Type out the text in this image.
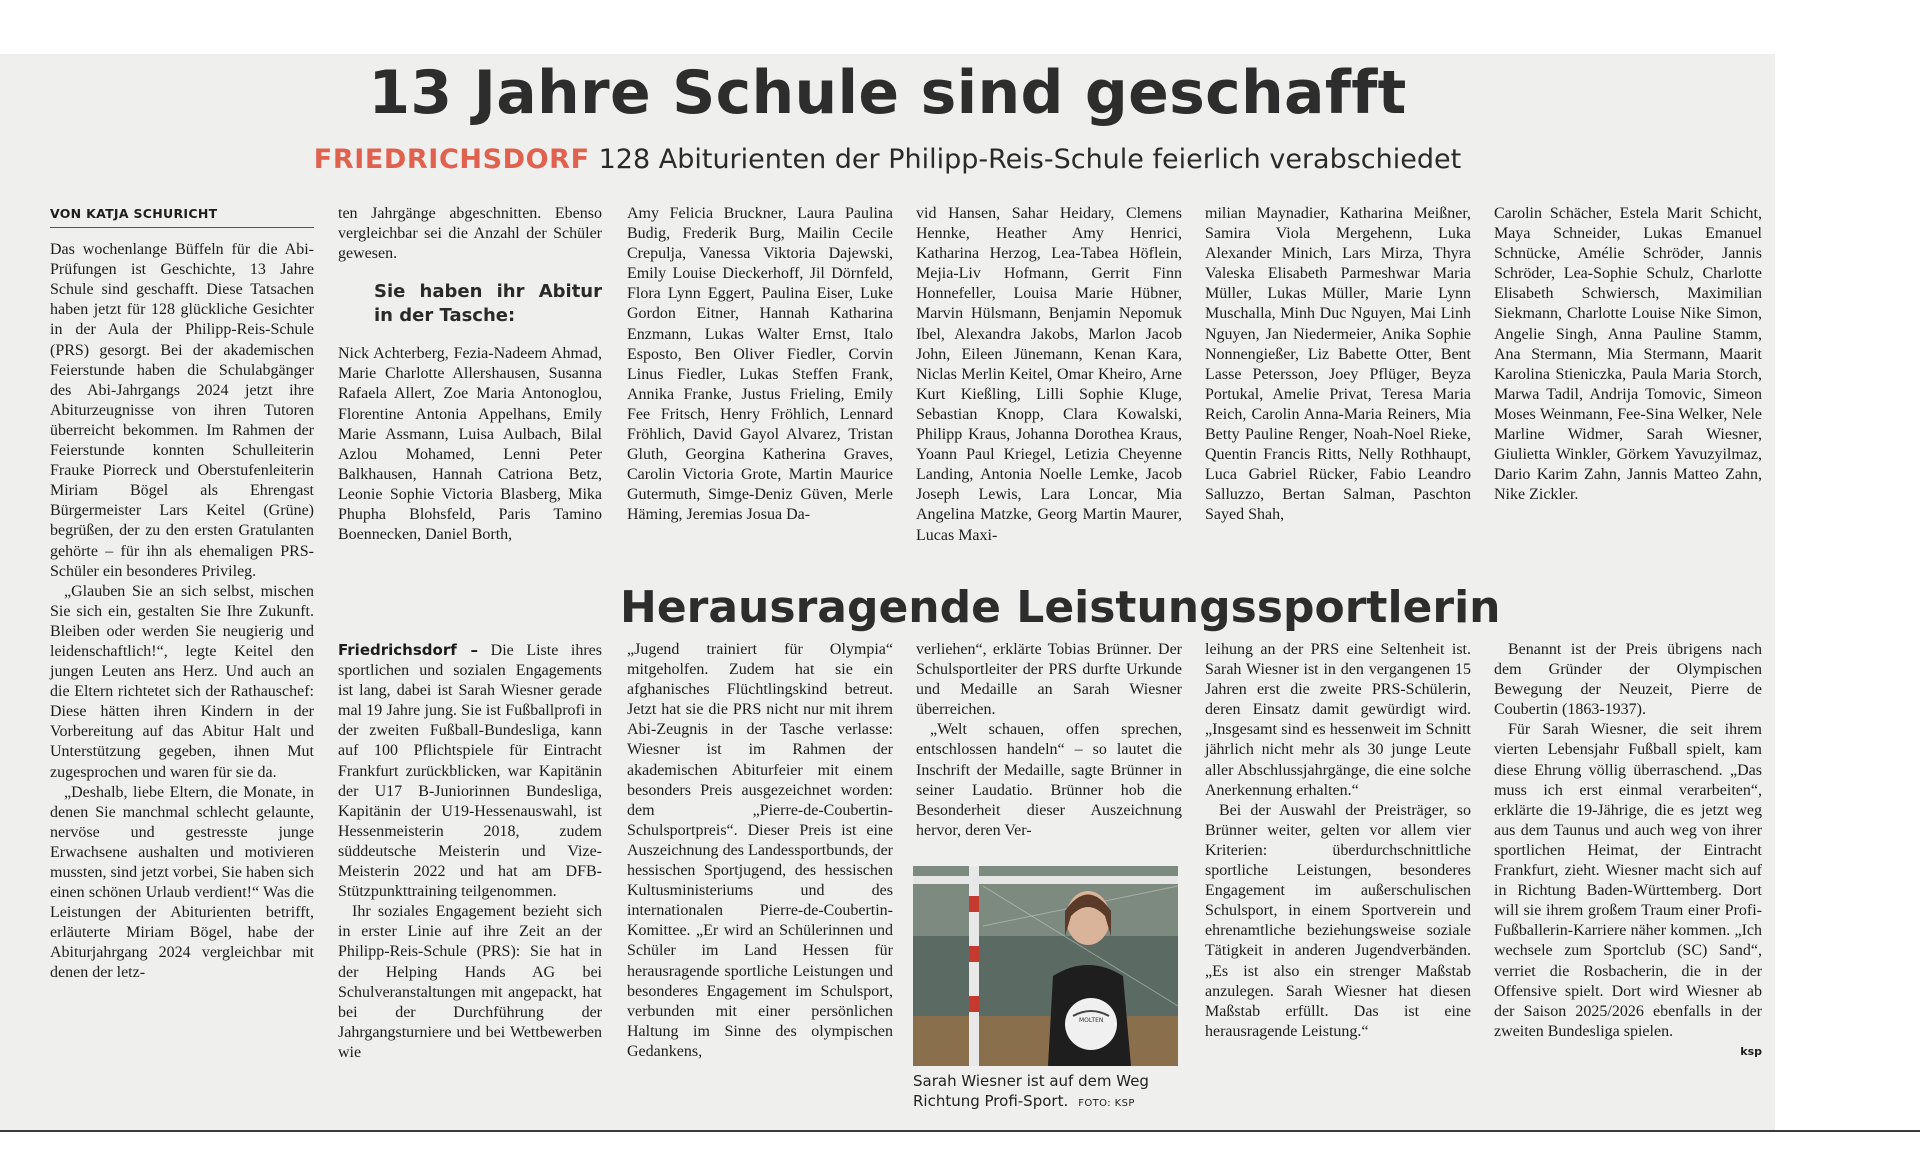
13 Jahre Schule sind geschafft
FRIEDRICHSDORF 128 Abiturienten der Philipp-Reis-Schule feierlich verabschiedet
VON KATJA SCHURICHT

Das wochenlange Büffeln für die Abi-Prüfungen ist Geschichte, 13 Jahre Schule sind geschafft. Diese Tatsachen haben jetzt für 128 glückliche Gesichter in der Aula der Philipp-Reis-Schule (PRS) gesorgt. Bei der akademischen Feierstunde haben die Schulabgänger des Abi-Jahrgangs 2024 jetzt ihre Abiturzeugnisse von ihren Tutoren überreicht bekommen. Im Rahmen der Feierstunde konnten Schulleiterin Frauke Piorreck und Oberstufenleiterin Miriam Bögel als Ehrengast Bürgermeister Lars Keitel (Grüne) begrüßen, der zu den ersten Gratulanten gehörte – für ihn als ehemaligen PRS-Schüler ein besonderes Privileg.

„Glauben Sie an sich selbst, mischen Sie sich ein, gestalten Sie Ihre Zukunft. Bleiben oder werden Sie neugierig und leidenschaftlich!“, legte Keitel den jungen Leuten ans Herz. Und auch an die Eltern richtetet sich der Rathauschef: Diese hätten ihren Kindern in der Vorbereitung auf das Abitur Halt und Unterstützung gegeben, ihnen Mut zugesprochen und waren für sie da.

„Deshalb, liebe Eltern, die Monate, in denen Sie manchmal schlecht gelaunte, nervöse und gestresste junge Erwachsene aushalten und motivieren mussten, sind jetzt vorbei, Sie haben sich einen schönen Urlaub verdient!“ Was die Leistungen der Abiturienten betrifft, erläuterte Miriam Bögel, habe der Abiturjahrgang 2024 vergleichbar mit denen der letz-

ten Jahrgänge abgeschnitten. Ebenso vergleichbar sei die Anzahl der Schüler gewesen.

Sie haben ihr Abitur in der Tasche:

Nick Achterberg, Fezia-Nadeem Ahmad, Marie Charlotte Allershausen, Susanna Rafaela Allert, Zoe Maria Antonoglou, Florentine Antonia Appelhans, Emily Marie Assmann, Luisa Aulbach, Bilal Azlou Mohamed, Lenni Peter Balkhausen, Hannah Catriona Betz, Leonie Sophie Victoria Blasberg, Mika Phupha Blohsfeld, Paris Tamino Boennecken, Daniel Borth,

Amy Felicia Bruckner, Laura Paulina Budig, Frederik Burg, Mailin Cecile Crepulja, Vanessa Viktoria Dajewski, Emily Louise Dieckerhoff, Jil Dörnfeld, Flora Lynn Eggert, Paulina Eiser, Luke Gordon Eitner, Hannah Katharina Enzmann, Lukas Walter Ernst, Italo Esposto, Ben Oliver Fiedler, Corvin Linus Fiedler, Lukas Steffen Frank, Annika Franke, Justus Frieling, Emily Fee Fritsch, Henry Fröhlich, Lennard Fröhlich, David Gayol Alvarez, Tristan Gluth, Georgina Katherina Graves, Carolin Victoria Grote, Martin Maurice Gutermuth, Simge-Deniz Güven, Merle Häming, Jeremias Josua Da-
vid Hansen, Sahar Heidary, Clemens Hennke, Heather Amy Henrici, Katharina Herzog, Lea-Tabea Höflein, Mejia-Liv Hofmann, Gerrit Finn Honnefeller, Louisa Marie Hübner, Marvin Hülsmann, Benjamin Nepomuk Ibel, Alexandra Jakobs, Marlon Jacob John, Eileen Jünemann, Kenan Kara, Niclas Merlin Keitel, Omar Kheiro, Arne Kurt Kießling, Lilli Sophie Kluge, Sebastian Knopp, Clara Kowalski, Philipp Kraus, Johanna Dorothea Kraus, Yoann Paul Kriegel, Letizia Cheyenne Landing, Antonia Noelle Lemke, Jacob Joseph Lewis, Lara Loncar, Mia Angelina Matzke, Georg Martin Maurer, Lucas Maxi-
milian Maynadier, Katharina Meißner, Samira Viola Mergehenn, Luka Alexander Minich, Lars Mirza, Thyra Valeska Elisabeth Parmeshwar Maria Müller, Lukas Müller, Marie Lynn Muschalla, Minh Duc Nguyen, Mai Linh Nguyen, Jan Niedermeier, Anika Sophie Nonnengießer, Liz Babette Otter, Bent Lasse Petersson, Joey Pflüger, Beyza Portukal, Amelie Privat, Teresa Maria Reich, Carolin Anna-Maria Reiners, Mia Betty Pauline Renger, Noah-Noel Rieke, Quentin Francis Ritts, Nelly Rothhaupt, Luca Gabriel Rücker, Fabio Leandro Salluzzo, Bertan Salman, Paschton Sayed Shah,
Carolin Schächer, Estela Marit Schicht, Maya Schneider, Lukas Emanuel Schnücke, Amélie Schröder, Jannis Schröder, Lea-Sophie Schulz, Charlotte Elisabeth Schwiersch, Maximilian Siekmann, Charlotte Louise Nike Simon, Angelie Singh, Anna Pauline Stamm, Ana Stermann, Mia Stermann, Maarit Karolina Stieniczka, Paula Maria Storch, Marwa Tadil, Andrija Tomovic, Simeon Moses Weinmann, Fee-Sina Welker, Nele Marline Widmer, Sarah Wiesner, Giulietta Winkler, Görkem Yavuzyilmaz, Dario Karim Zahn, Jannis Matteo Zahn, Nike Zickler.
Herausragende Leistungssportlerin

Friedrichsdorf – Die Liste ihres sportlichen und sozialen Engagements ist lang, dabei ist Sarah Wiesner gerade mal 19 Jahre jung. Sie ist Fußballprofi in der zweiten Fußball-Bundesliga, kann auf 100 Pflichtspiele für Eintracht Frankfurt zurückblicken, war Kapitänin der U17 B-Juniorinnen Bundesliga, Kapitänin der U19-Hessenauswahl, ist Hessenmeisterin 2018, zudem süddeutsche Meisterin und Vize-Meisterin 2022 und hat am DFB-Stützpunkttraining teilgenommen.

Ihr soziales Engagement bezieht sich in erster Linie auf ihre Zeit an der Philipp-Reis-Schule (PRS): Sie hat in der Helping Hands AG bei Schulveranstaltungen mit angepackt, hat bei der Durchführung der Jahrgangsturniere und bei Wettbewerben wie

„Jugend trainiert für Olympia“ mitgeholfen. Zudem hat sie ein afghanisches Flüchtlingskind betreut. Jetzt hat sie die PRS nicht nur mit ihrem Abi-Zeugnis in der Tasche verlasse: Wiesner ist im Rahmen der akademischen Abiturfeier mit einem besonders Preis ausgezeichnet worden: dem „Pierre-de-Coubertin-Schulsportpreis“. Dieser Preis ist eine Auszeichnung des Landessportbunds, der hessischen Sportjugend, des hessischen Kultusministeriums und des internationalen Pierre-de-Coubertin-Komittee. „Er wird an Schülerinnen und Schüler im Land Hessen für herausragende sportliche Leistungen und besonderes Engagement im Schulsport, verbunden mit einer persönlichen Haltung im Sinne des olympischen Gedankens,

verliehen“, erklärte Tobias Brünner. Der Schulsportleiter der PRS durfte Urkunde und Medaille an Sarah Wiesner überreichen.

„Welt schauen, offen sprechen, entschlossen handeln“ – so lautet die Inschrift der Medaille, sagte Brünner in seiner Laudatio. Brünner hob die Besonderheit dieser Auszeichnung hervor, deren Ver-

MOLTEN
Sarah Wiesner ist auf dem Weg Richtung Profi-Sport. FOTO: KSP

leihung an der PRS eine Seltenheit ist. Sarah Wiesner ist in den vergangenen 15 Jahren erst die zweite PRS-Schülerin, deren Einsatz damit gewürdigt wird. „Insgesamt sind es hessenweit im Schnitt jährlich nicht mehr als 30 junge Leute aller Abschlussjahrgänge, die eine solche Anerkennung erhalten.“

Bei der Auswahl der Preisträger, so Brünner weiter, gelten vor allem vier Kriterien: überdurchschnittliche sportliche Leistungen, besonderes Engagement im außerschulischen Schulsport, in einem Sportverein und ehrenamtliche beziehungsweise soziale Tätigkeit in anderen Jugendverbänden. „Es ist also ein strenger Maßstab anzulegen. Sarah Wiesner hat diesen Maßstab erfüllt. Das ist eine herausragende Leistung.“

Benannt ist der Preis übrigens nach dem Gründer der Olympischen Bewegung der Neuzeit, Pierre de Coubertin (1863-1937).

Für Sarah Wiesner, die seit ihrem vierten Lebensjahr Fußball spielt, kam diese Ehrung völlig überraschend. „Das muss ich erst einmal verarbeiten“, erklärte die 19-Jährige, die es jetzt weg aus dem Taunus und auch weg von ihrer sportlichen Heimat, der Eintracht Frankfurt, zieht. Wiesner macht sich auf in Richtung Baden-Württemberg. Dort will sie ihrem großem Traum einer Profi-Fußballerin-Karriere näher kommen. „Ich wechsele zum Sportclub (SC) Sand“, verriet die Rosbacherin, die in der Offensive spielt. Dort wird Wiesner ab der Saison 2025/2026 ebenfalls in der zweiten Bundesliga spielen.

ksp
